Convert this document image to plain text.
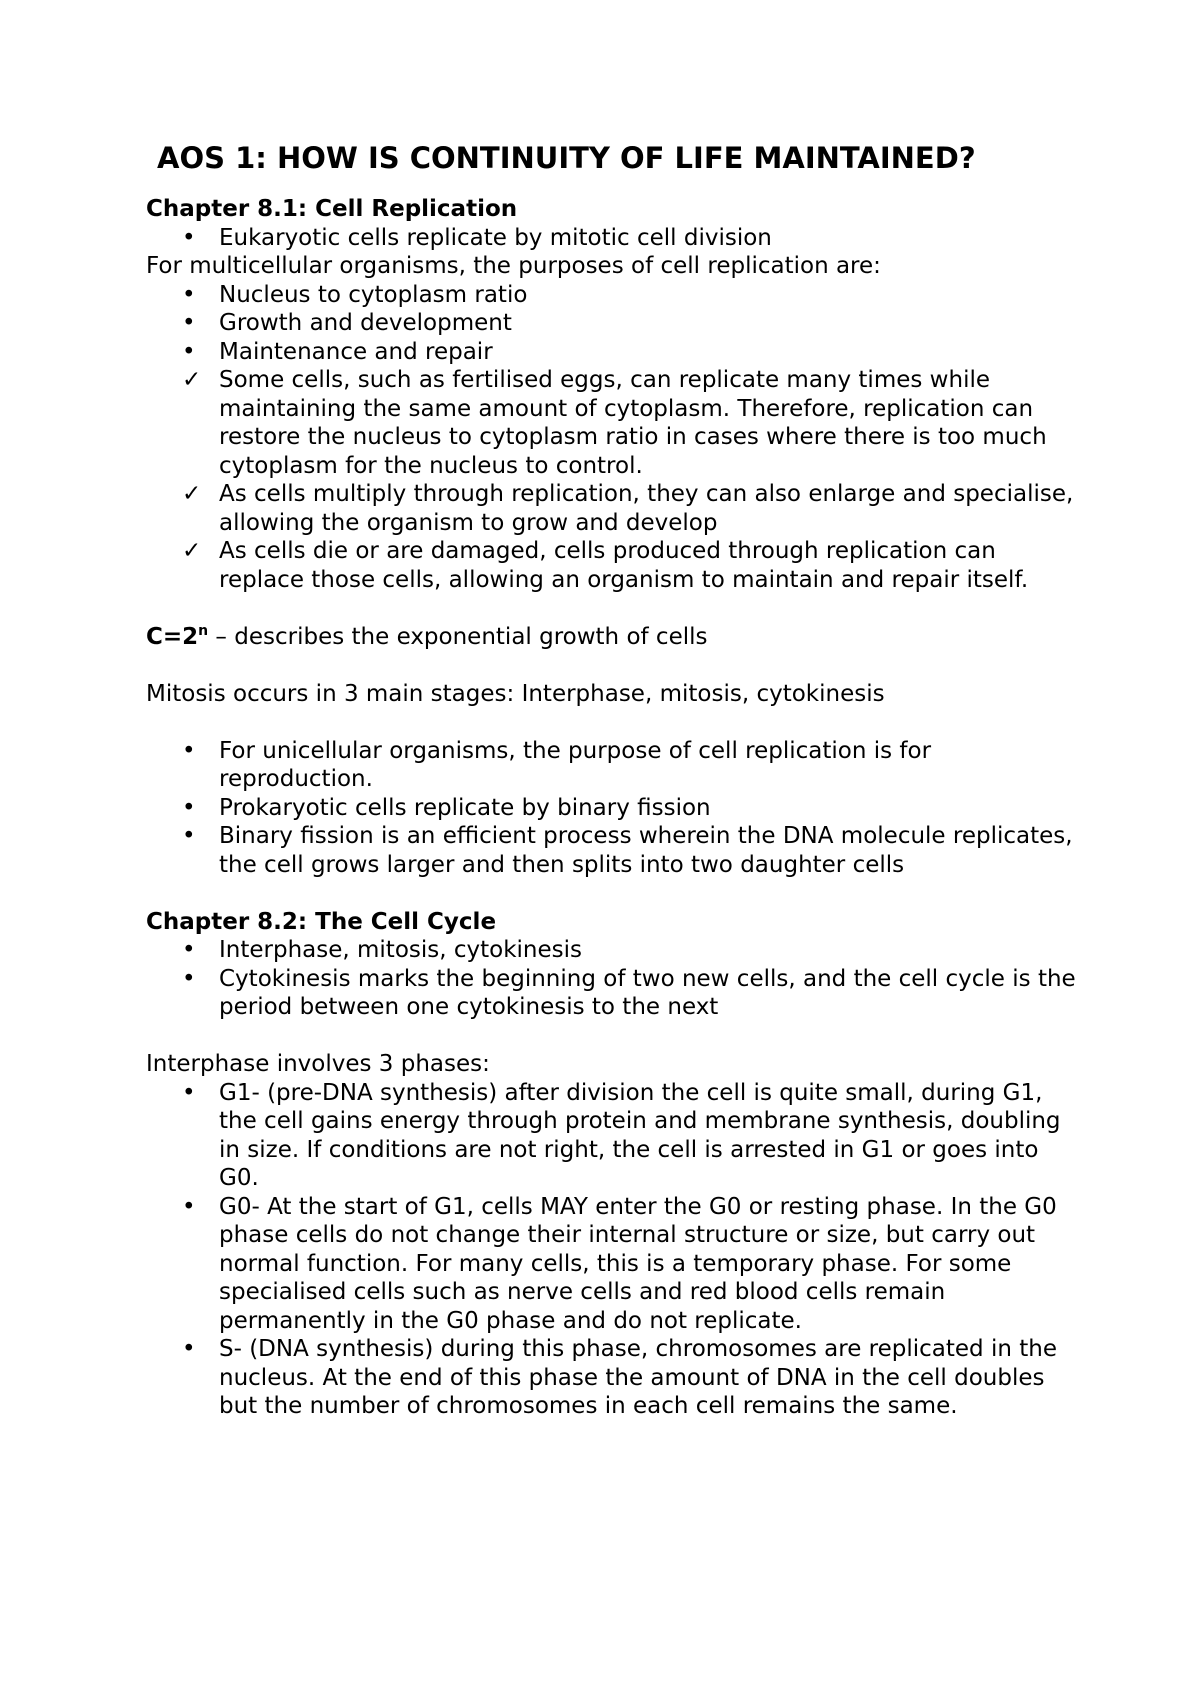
AOS 1: HOW IS CONTINUITY OF LIFE MAINTAINED?

Chapter 8.1: Cell Replication

•	Eukaryotic cells replicate by mitotic cell division

For multicellular organisms, the purposes of cell replication are:

•	Nucleus to cytoplasm ratio
•	Growth and development
•	Maintenance and repair
✓ Some cells, such as fertilised eggs, can replicate many times while maintaining the same amount of cytoplasm. Therefore, replication can restore the nucleus to cytoplasm ratio in cases where there is too much cytoplasm for the nucleus to control.
✓ As cells multiply through replication, they can also enlarge and specialise, allowing the organism to grow and develop
✓ As cells die or are damaged, cells produced through replication can replace those cells, allowing an organism to maintain and repair itself.

$C=2^n$ – describes the exponential growth of cells

Mitosis occurs in 3 main stages: Interphase, mitosis, cytokinesis

•	For unicellular organisms, the purpose of cell replication is for reproduction.
•	Prokaryotic cells replicate by binary fission
•	Binary fission is an efficient process wherein the DNA molecule replicates, the cell grows larger and then splits into two daughter cells

Chapter 8.2: The Cell Cycle

•	Interphase, mitosis, cytokinesis
•	Cytokinesis marks the beginning of two new cells, and the cell cycle is the period between one cytokinesis to the next

Interphase involves 3 phases:

•	G1- (pre-DNA synthesis) after division the cell is quite small, during G1, the cell gains energy through protein and membrane synthesis, doubling in size. If conditions are not right, the cell is arrested in G1 or goes into G0.
•	G0- At the start of G1, cells MAY enter the G0 or resting phase. In the G0 phase cells do not change their internal structure or size, but carry out normal function. For many cells, this is a temporary phase. For some specialised cells such as nerve cells and red blood cells remain permanently in the G0 phase and do not replicate.
•	S- (DNA synthesis) during this phase, chromosomes are replicated in the nucleus. At the end of this phase the amount of DNA in the cell doubles but the number of chromosomes in each cell remains the same.
